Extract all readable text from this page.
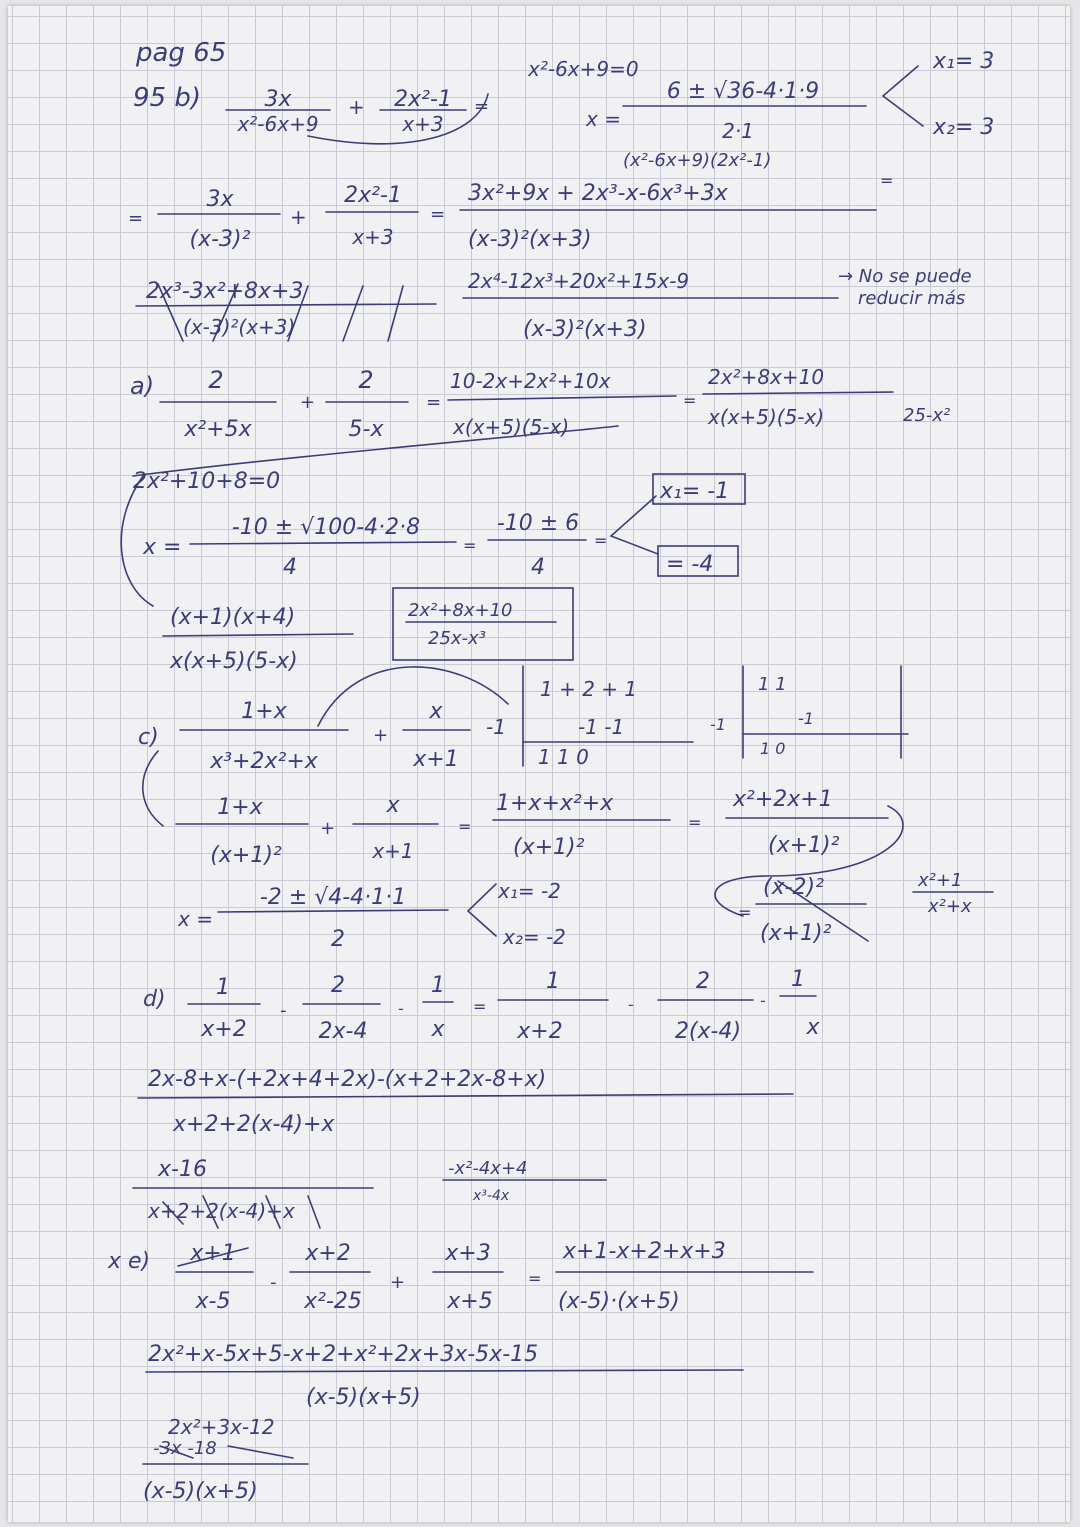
pag 65
95 b)	3x
x²-6x+9
+ 2x²-1
x+3
=
x²-6x+9=0
x =
6 ± √36-4·1·9
2·1
x₁= 3
x₂= 3
(x²-6x+9)(2x²-1)
=
3x
(x-3)²
+
2x²-1
x+3
=
3x²+9x + 2x³-x-6x³+3x
(x-3)²(x+3)
=
2x³-3x²+8x+3
(x-3)²(x+3)
2x⁴-12x³+20x²+15x-9
(x-3)²(x+3)
→ No se puede
reducir más
a) 2
x²+5x
+
2
5-x
=
10-2x+2x²+10x
x(x+5)(5-x)
=
2x²+8x+10
x(x+5)(5-x)	25-x²
2x²+10+8=0
x =
-10 ± √100-4·2·8
4
=
-10 ± 6
4
=
x₁= -1
= -4
(x+1)(x+4)
x(x+5)(5-x)
2x²+8x+10
25x-x³
c)
1+x
x³+2x²+x
+
x
x+1
-1
1 + 2 + 1
-1 -1
1 1 0
-1
1 1
-1
1 0
1+x
(x+1)²
+
x
x+1
=
1+x+x²+x
(x+1)²
=
x²+2x+1
(x+1)²
x =
-2 ± √4-4·1·1
2
x₁= -2
x₂= -2
=
(x-2)²
(x+1)²
x²+1
x²+x
d) 1
x+2
-
2
2x-4
-
1
x
=
1
x+2
-
2
2(x-4)
-
1
x
2x-8+x-(+2x+4+2x)-(x+2+2x-8+x)
x+2+2(x-4)+x
-x²-4x+4
x³-4x
x-16
x+2+2(x-4)+x
x e) x+1
x-5
-
x+2
x²-25
+
x+3
x+5
=
x+1-x+2+x+3
(x-5)·(x+5)
2x²+x-5x+5-x+2+x²+2x+3x-5x-15
(x-5)(x+5)
2x²+3x-12
-3x -18
(x-5)(x+5)
